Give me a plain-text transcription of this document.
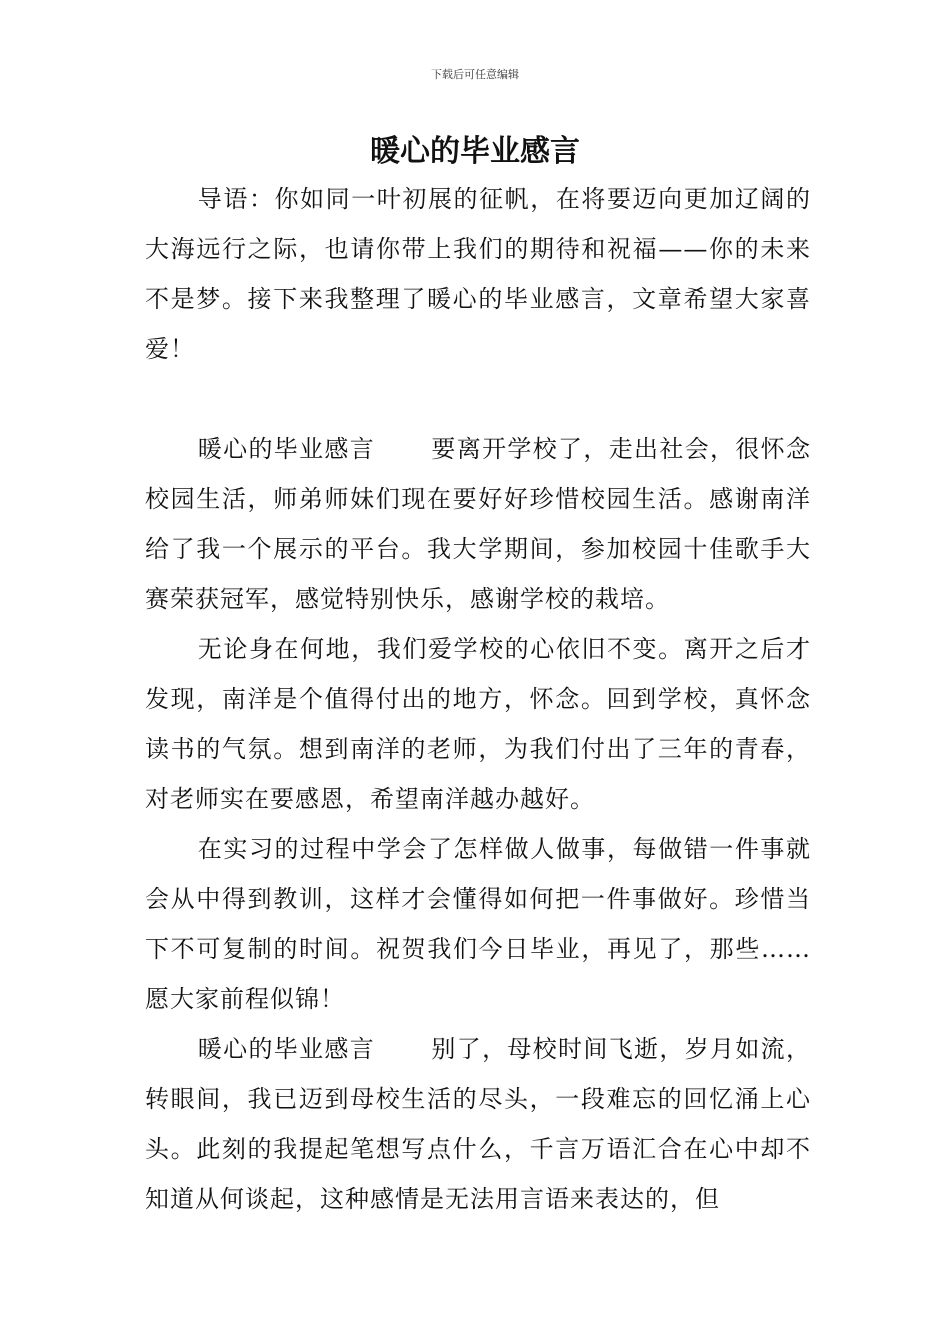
下载后可任意编辑
暖心的毕业感言

导语：你如同一叶初展的征帆，在将要迈向更加辽阔的大海远行之际，也请你带上我们的期待和祝福——你的未来不是梦。接下来我整理了暖心的毕业感言，文章希望大家喜爱！

暖心的毕业感言 要离开学校了，走出社会，很怀念校园生活，师弟师妹们现在要好好珍惜校园生活。感谢南洋给了我一个展示的平台。我大学期间，参加校园十佳歌手大赛荣获冠军，感觉特别快乐，感谢学校的栽培。

无论身在何地，我们爱学校的心依旧不变。离开之后才发现，南洋是个值得付出的地方，怀念。回到学校，真怀念读书的气氛。想到南洋的老师，为我们付出了三年的青春，对老师实在要感恩，希望南洋越办越好。

在实习的过程中学会了怎样做人做事，每做错一件事就会从中得到教训，这样才会懂得如何把一件事做好。珍惜当下不可复制的时间。祝贺我们今日毕业，再见了，那些……愿大家前程似锦！

暖心的毕业感言 别了，母校时间飞逝，岁月如流，转眼间，我已迈到母校生活的尽头，一段难忘的回忆涌上心头。此刻的我提起笔想写点什么，千言万语汇合在心中却不知道从何谈起，这种感情是无法用言语来表达的，但
